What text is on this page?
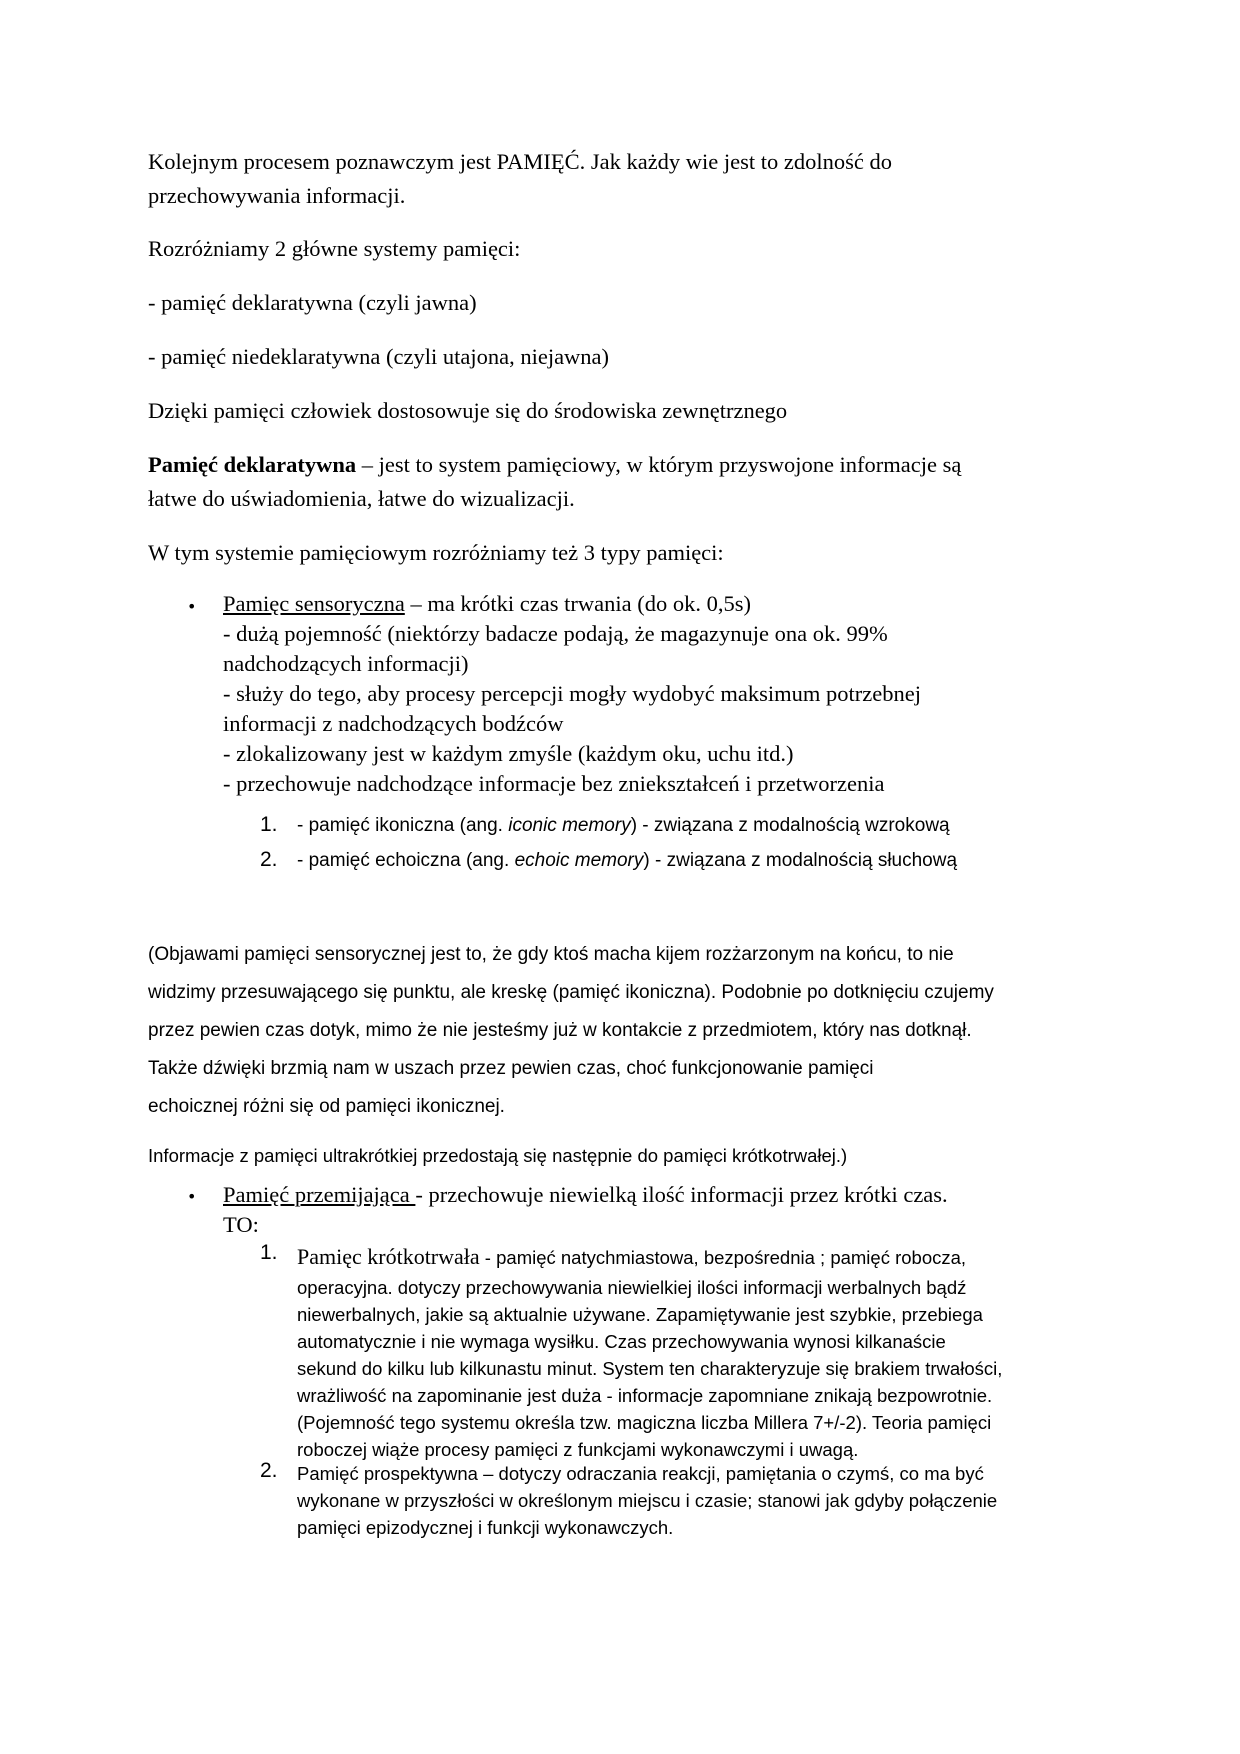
Kolejnym procesem poznawczym jest PAMIĘĆ. Jak każdy wie jest to zdolność do
przechowywania informacji.

Rozróżniamy 2 główne systemy pamięci:

- pamięć deklaratywna (czyli jawna)

- pamięć niedeklaratywna (czyli utajona, niejawna)

Dzięki pamięci człowiek dostosowuje się do środowiska zewnętrznego

Pamięć deklaratywna – jest to system pamięciowy, w którym przyswojone informacje są
łatwe do uświadomienia, łatwe do wizualizacji.

W tym systemie pamięciowym rozróżniamy też 3 typy pamięci:

• Pamięc sensoryczna – ma krótki czas trwania (do ok. 0,5s)
- dużą pojemność (niektórzy badacze podają, że magazynuje ona ok. 99%
nadchodzących informacji)
- służy do tego, aby procesy percepcji mogły wydobyć maksimum potrzebnej
informacji z nadchodzących bodźców
- zlokalizowany jest w każdym zmyśle (każdym oku, uchu itd.)
- przechowuje nadchodzące informacje bez zniekształceń i przetworzenia
1. - pamięć ikoniczna (ang. iconic memory) - związana z modalnością wzrokową

2. - pamięć echoiczna (ang. echoic memory) - związana z modalnością słuchową

(Objawami pamięci sensorycznej jest to, że gdy ktoś macha kijem rozżarzonym na końcu, to nie
widzimy przesuwającego się punktu, ale kreskę (pamięć ikoniczna). Podobnie po dotknięciu czujemy
przez pewien czas dotyk, mimo że nie jesteśmy już w kontakcie z przedmiotem, który nas dotknął.
Także dźwięki brzmią nam w uszach przez pewien czas, choć funkcjonowanie pamięci
echoicznej różni się od pamięci ikonicznej.

Informacje z pamięci ultrakrótkiej przedostają się następnie do pamięci krótkotrwałej.)

• Pamięć przemijająca - przechowuje niewielką ilość informacji przez krótki czas.
TO:
1. Pamięc krótkotrwała - pamięć natychmiastowa, bezpośrednia ; pamięć robocza,
operacyjna. dotyczy przechowywania niewielkiej ilości informacji werbalnych bądź
niewerbalnych, jakie są aktualnie używane. Zapamiętywanie jest szybkie, przebiega
automatycznie i nie wymaga wysiłku. Czas przechowywania wynosi kilkanaście
sekund do kilku lub kilkunastu minut. System ten charakteryzuje się brakiem trwałości,
wrażliwość na zapominanie jest duża - informacje zapomniane znikają bezpowrotnie.
(Pojemność tego systemu określa tzw. magiczna liczba Millera 7+/-2). Teoria pamięci
roboczej wiąże procesy pamięci z funkcjami wykonawczymi i uwagą.
2. Pamięć prospektywna – dotyczy odraczania reakcji, pamiętania o czymś, co ma być
wykonane w przyszłości w określonym miejscu i czasie; stanowi jak gdyby połączenie
pamięci epizodycznej i funkcji wykonawczych.
